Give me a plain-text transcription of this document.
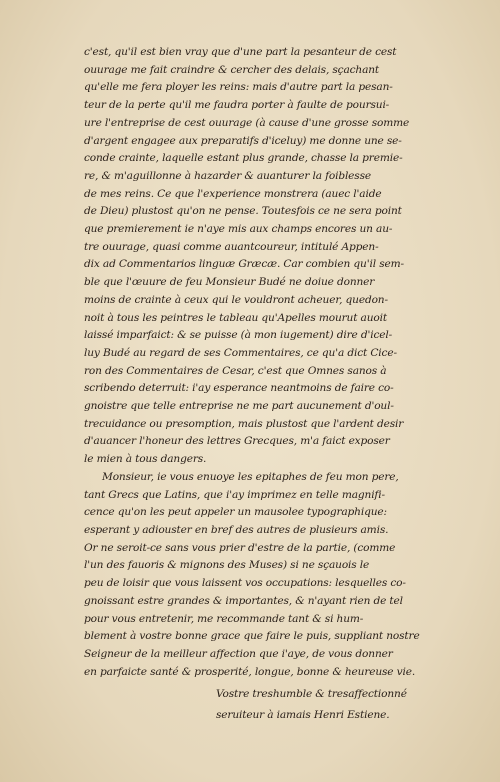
c'est, qu'il est bien vray que d'une part la pesanteur de cest
ouurage me fait craindre & cercher des delais, sçachant
qu'elle me fera ployer les reins: mais d'autre part la pesan-
teur de la perte qu'il me faudra porter à faulte de poursui-
ure l'entreprise de cest ouurage (à cause d'une grosse somme
d'argent engagee aux preparatifs d'iceluy) me donne une se-
conde crainte, laquelle estant plus grande, chasse la premie-
re, & m'aguillonne à hazarder & auanturer la foiblesse
de mes reins. Ce que l'experience monstrera (auec l'aide
de Dieu) plustost qu'on ne pense. Toutesfois ce ne sera point
que premierement ie n'aye mis aux champs encores un au-
tre ouurage, quasi comme auantcoureur, intitulé Appen-
dix ad Commentarios linguæ Græcæ. Car combien qu'il sem-
ble que l'œuure de feu Monsieur Budé ne doiue donner
moins de crainte à ceux qui le vouldront acheuer, quedon-
noit à tous les peintres le tableau qu'Apelles mourut auoit
laissé imparfaict: & se puisse (à mon iugement) dire d'icel-
luy Budé au regard de ses Commentaires, ce qu'a dict Cice-
ron des Commentaires de Cesar, c'est que Omnes sanos à
scribendo deterruit: i'ay esperance neantmoins de faire co-
gnoistre que telle entreprise ne me part aucunement d'oul-
trecuidance ou presomption, mais plustost que l'ardent desir
d'auancer l'honeur des lettres Grecques, m'a faict exposer
le mien à tous dangers.
Monsieur, ie vous enuoye les epitaphes de feu mon pere,
tant Grecs que Latins, que i'ay imprimez en telle magnifi-
cence qu'on les peut appeler un mausolee typographique:
esperant y adiouster en bref des autres de plusieurs amis.
Or ne seroit-ce sans vous prier d'estre de la partie, (comme
l'un des fauoris & mignons des Muses) si ne sçauois le
peu de loisir que vous laissent vos occupations: lesquelles co-
gnoissant estre grandes & importantes, & n'ayant rien de tel
pour vous entretenir, me recommande tant & si hum-
blement à vostre bonne grace que faire le puis, suppliant nostre
Seigneur de la meilleur affection que i'aye, de vous donner
en parfaicte santé & prosperité, longue, bonne & heureuse vie.
Vostre treshumble & tresaffectionné
seruiteur à iamais Henri Estiene.
